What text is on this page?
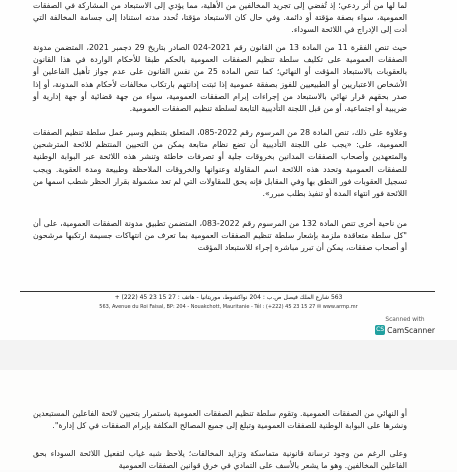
لما لها من أثر ردعي؛ إذ تُفضي إلى تجريد المخالفين من الأهلية، مما يؤدي إلى الاستبعاد من المشاركة في الصفقات العمومية، سواء بصفة مؤقتة أو دائمة. وفي حال كان الاستبعاد مؤقتا، تُحدد مدته استنادا إلى جسامة المخالفة التي أدت إلى الإدراج في اللائحة السوداء.
حيث تنص الفقرة 11 من المادة 13 من القانون رقم 2021-024 الصادر بتاريخ 29 دجمبر 2021، المتضمن مدونة الصفقات العمومية على تكليف سلطة تنظيم الصفقات العمومية بالحكم طبقا للأحكام الواردة في هذا القانون بالعقوبات بالاستبعاد المؤقت أو النهائي؛ كما تنص المادة 25 من نفس القانون على عدم جواز تأهيل الفاعلين أو الأشخاص الاعتباريين أو الطبيعيين للفوز بصفقة عمومية إذا ثبتت إدانتهم بارتكاب مخالفات لأحكام هذه المدونة، أو إذا صدر بحقهم قرار نهائي بالاستبعاد من إجراءات إبرام الصفقات العمومية، سواء من جهة قضائية أو جهة إدارية أو ضريبية أو اجتماعية، أو من قبل اللجنة التأديبية التابعة لسلطة تنظيم الصفقات العمومية.
وعلاوة على ذلك، تنص المادة 28 من المرسوم رقم 2022-085، المتعلق بتنظيم وسير عمل سلطة تنظيم الصفقات العمومية، على: «يجب على اللجنة التأديبية أن تضع نظام متابعة يمكن من التحيين المنتظم للائحة المترشحين والمتعهدين وأصحاب الصفقات المدانين بخروقات جلية أو تصرفات خاطئة وتنشر هذه اللائحة عبر البوابة الوطنية للصفقات العمومية وتحدد هذه اللائحة اسم المقاولة وعنوانها والخروقات الملاحظة وطبيعة ومدة العقوبة. ويجب تسجيل العقوبات فور النطق بها وفي المقابل فإنه يحق للمقاولات التي لم تعد مشمولة بقرار الحظر شطب اسمها من اللائحة فور انتهاء المدة أو تنفيذ بطلب مبرر».
من ناحية أخرى تنص المادة 132 من المرسوم رقم 2022-083، المتضمن تطبيق مدونة الصفقات العمومية، على أن "كل سلطة متعاقدة ملزمة بإشعار سلطة تنظيم الصفقات العمومية بما تعرف من انتهاكات جسيمة ارتكبها مرشحون أو أصحاب صفقات، يمكن أن تبرر مباشرة إجراء للاستبعاد المؤقت
563 شارع الملك فيصل ص.ب : 204 نواكشوط، موريتانيا - هاتف : 27 15 23 45 (222) +
563, Avenue du Roi Faisal, BP: 204 - Nouakchott, Mauritanie - Tél : (+222) 45 23 15 27 ✉ www.armp.mr
Scanned with
CS CamScanner
أو النهائي من الصفقات العمومية. وتقوم سلطة تنظيم الصفقات العمومية باستمرار بتحيين لائحة الفاعلين المستبعدين ونشرها على البوابة الوطنية للصفقات العمومية وتبلغ إلى جميع المصالح المكلفة بإبرام الصفقات في كل إدارة".
وعلى الرغم من وجود ترسانة قانونية متماسكة وتزايد المخالفات؛ يلاحظ شبه غياب لتفعيل اللائحة السوداء بحق الفاعلين المخالفين. وهو ما يشعر بالأسف على التمادي في خرق قوانين الصفقات العمومية
